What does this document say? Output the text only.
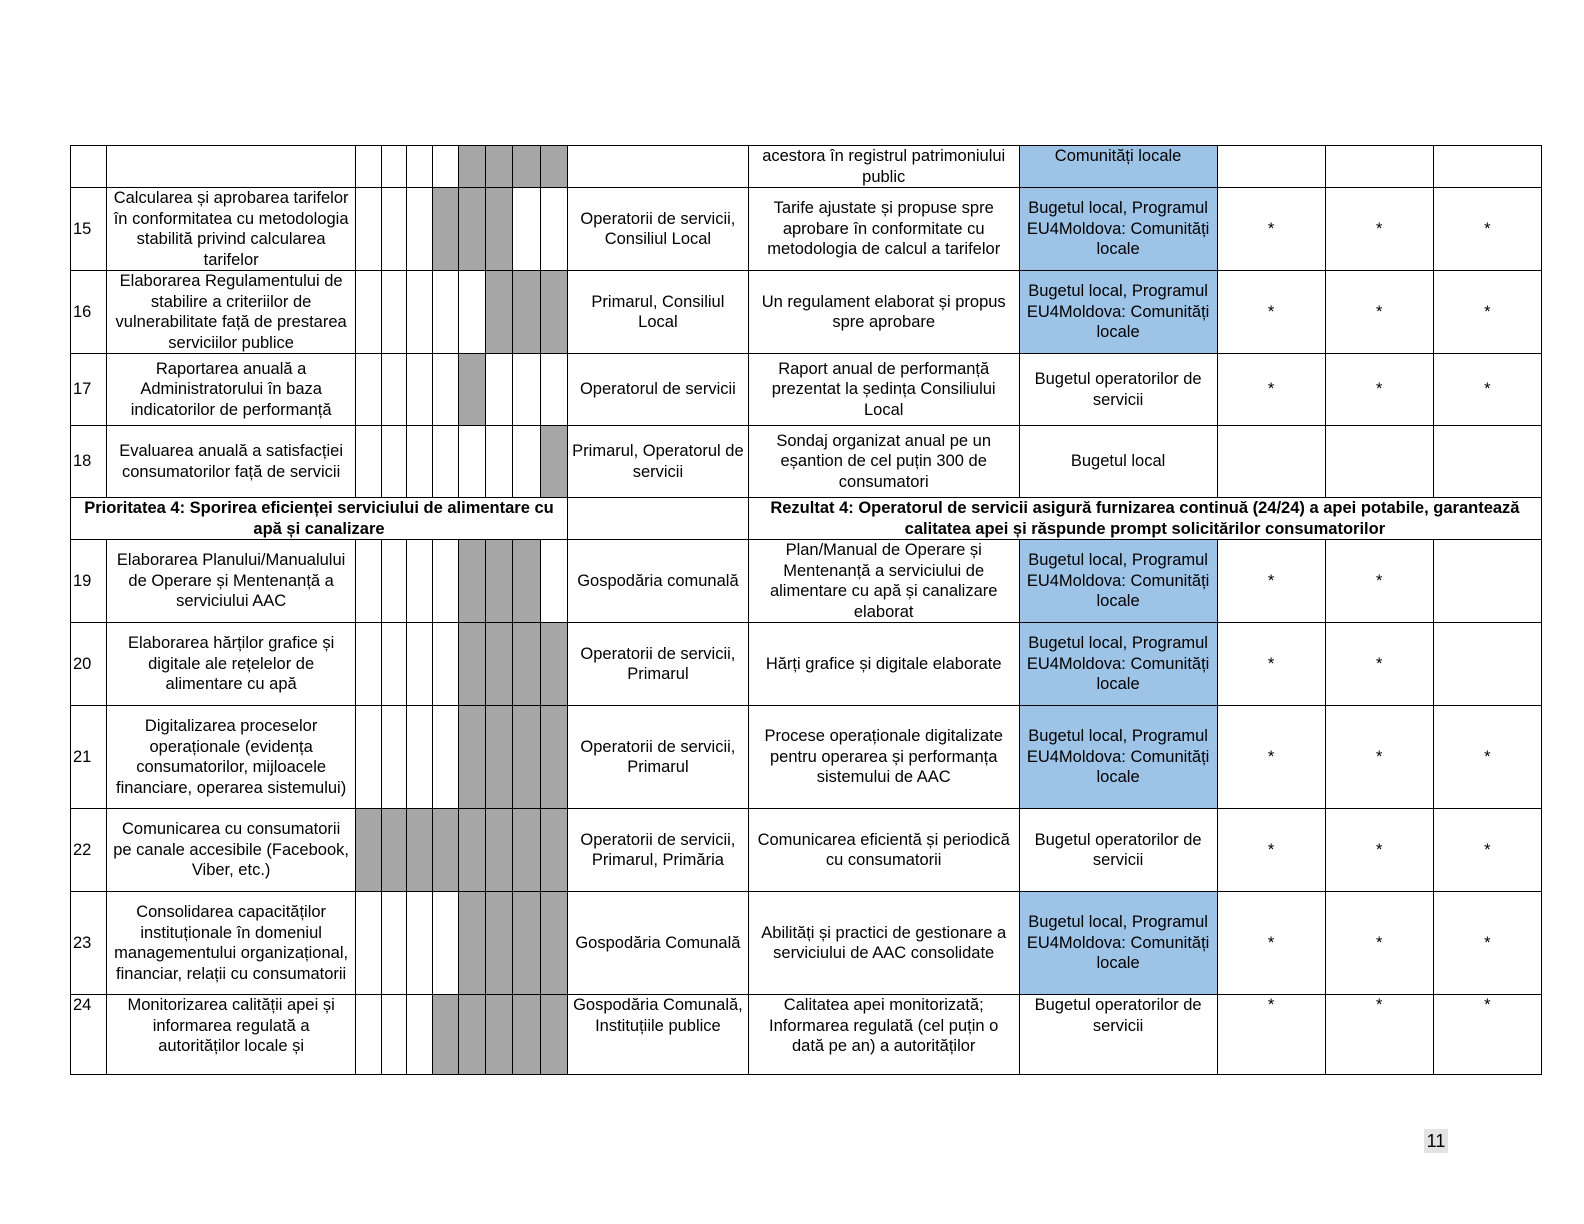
											acestora în registrul patrimoniului public	Comunități locale			
15	Calcularea și aprobarea tarifelor în conformitatea cu metodologia stabilită privind calcularea tarifelor									Operatorii de servicii, Consiliul Local	Tarife ajustate și propuse spre aprobare în conformitate cu metodologia de calcul a tarifelor	Bugetul local, Programul EU4Moldova: Comunități locale	*	*	*
16	Elaborarea Regulamentului de stabilire a criteriilor de vulnerabilitate față de prestarea serviciilor publice									Primarul, Consiliul Local	Un regulament elaborat și propus spre aprobare	Bugetul local, Programul EU4Moldova: Comunități locale	*	*	*
17	Raportarea anuală a Administratorului în baza indicatorilor de performanță									Operatorul de servicii	Raport anual de performanță prezentat la ședința Consiliului Local	Bugetul operatorilor de servicii	*	*	*
18	Evaluarea anuală a satisfacției consumatorilor față de servicii									Primarul, Operatorul de servicii	Sondaj organizat anual pe un eșantion de cel puțin 300 de consumatori	Bugetul local			
Prioritatea 4: Sporirea eficienței serviciului de alimentare cu apă și canalizare											Rezultat 4: Operatorul de servicii asigură furnizarea continuă (24/24) a apei potabile, garantează calitatea apei și răspunde prompt solicitărilor consumatorilor				
19	Elaborarea Planului/Manualului de Operare și Mentenanță a serviciului AAC									Gospodăria comunală	Plan/Manual de Operare și Mentenanță a serviciului de alimentare cu apă și canalizare elaborat	Bugetul local, Programul EU4Moldova: Comunități locale	*	*	
20	Elaborarea hărților grafice și digitale ale rețelelor de alimentare cu apă									Operatorii de servicii, Primarul	Hărți grafice și digitale elaborate	Bugetul local, Programul EU4Moldova: Comunități locale	*	*	
21	Digitalizarea proceselor operaționale (evidența consumatorilor, mijloacele financiare, operarea sistemului)									Operatorii de servicii, Primarul	Procese operaționale digitalizate pentru operarea și performanța sistemului de AAC	Bugetul local, Programul EU4Moldova: Comunități locale	*	*	*
22	Comunicarea cu consumatorii pe canale accesibile (Facebook, Viber, etc.)									Operatorii de servicii, Primarul, Primăria	Comunicarea eficientă și periodică cu consumatorii	Bugetul operatorilor de servicii	*	*	*
23	Consolidarea capacităților instituționale în domeniul managementului organizațional, financiar, relații cu consumatorii									Gospodăria Comunală	Abilități și practici de gestionare a serviciului de AAC consolidate	Bugetul local, Programul EU4Moldova: Comunități locale	*	*	*
24	Monitorizarea calității apei și informarea regulată a autorităților locale și									Gospodăria Comunală, Instituțiile publice	Calitatea apei monitorizată; Informarea regulată (cel puțin o dată pe an) a autorităților	Bugetul operatorilor de servicii	*	*	*
11
